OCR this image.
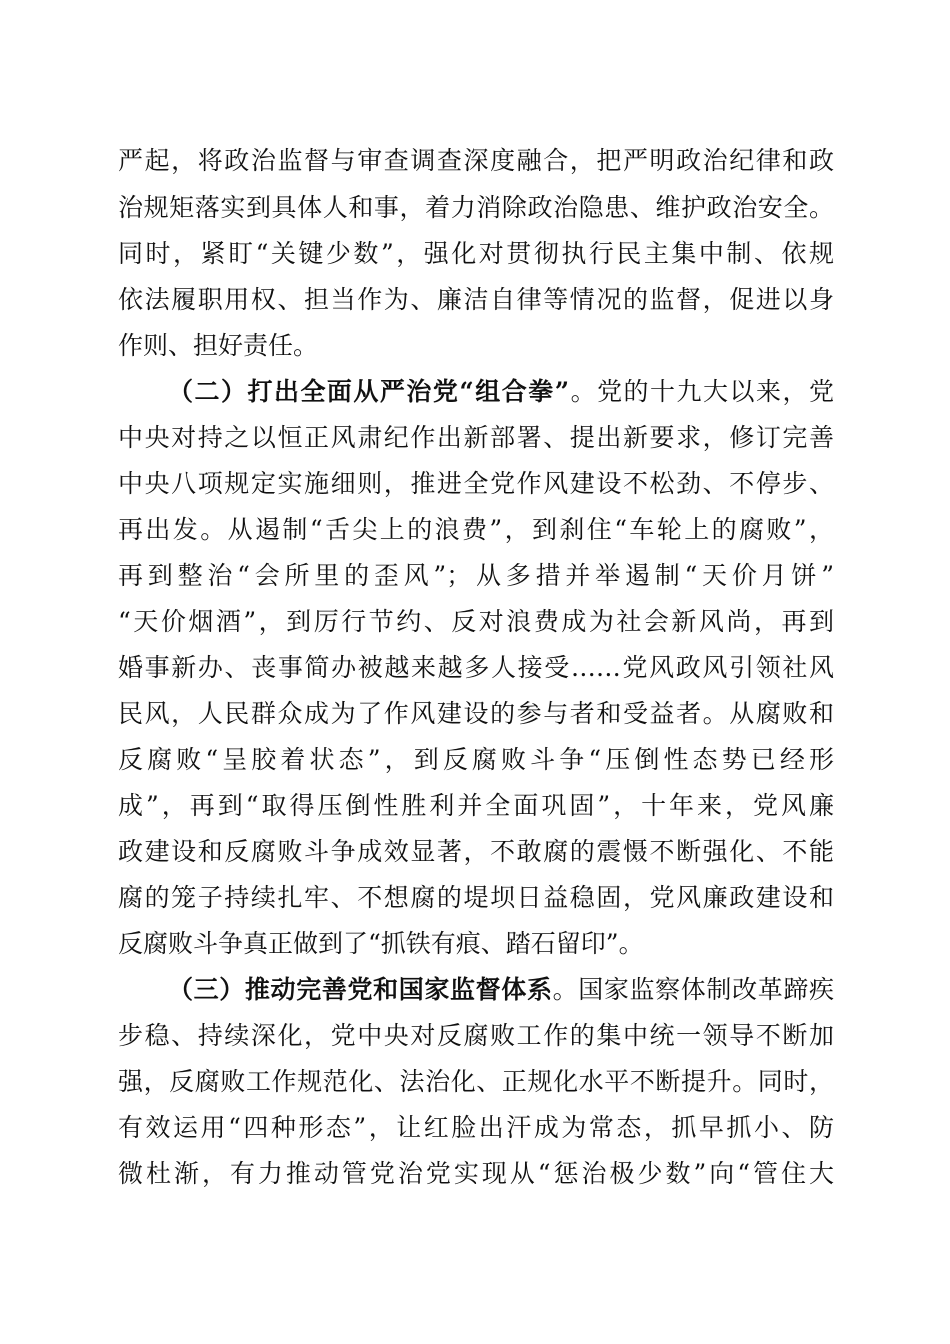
严起，将政治监督与审查调查深度融合，把严明政治纪律和政

治规矩落实到具体人和事，着力消除政治隐患、维护政治安全。

同时，紧盯“关键少数”，强化对贯彻执行民主集中制、依规

依法履职用权、担当作为、廉洁自律等情况的监督，促进以身

作则、担好责任。

（二）打出全面从严治党“组合拳”。党的十九大以来，党

中央对持之以恒正风肃纪作出新部署、提出新要求，修订完善

中央八项规定实施细则，推进全党作风建设不松劲、不停步、

再出发。从遏制“舌尖上的浪费”，到刹住“车轮上的腐败”，

再到整治“会所里的歪风”；从多措并举遏制“天价月饼”

“天价烟酒”，到厉行节约、反对浪费成为社会新风尚，再到

婚事新办、丧事简办被越来越多人接受……党风政风引领社风

民风，人民群众成为了作风建设的参与者和受益者。从腐败和

反腐败“呈胶着状态”，到反腐败斗争“压倒性态势已经形

成”，再到“取得压倒性胜利并全面巩固”，十年来，党风廉

政建设和反腐败斗争成效显著，不敢腐的震慑不断强化、不能

腐的笼子持续扎牢、不想腐的堤坝日益稳固，党风廉政建设和

反腐败斗争真正做到了“抓铁有痕、踏石留印”。

（三）推动完善党和国家监督体系。国家监察体制改革蹄疾

步稳、持续深化，党中央对反腐败工作的集中统一领导不断加

强，反腐败工作规范化、法治化、正规化水平不断提升。同时，

有效运用“四种形态”，让红脸出汗成为常态，抓早抓小、防

微杜渐，有力推动管党治党实现从“惩治极少数”向“管住大
